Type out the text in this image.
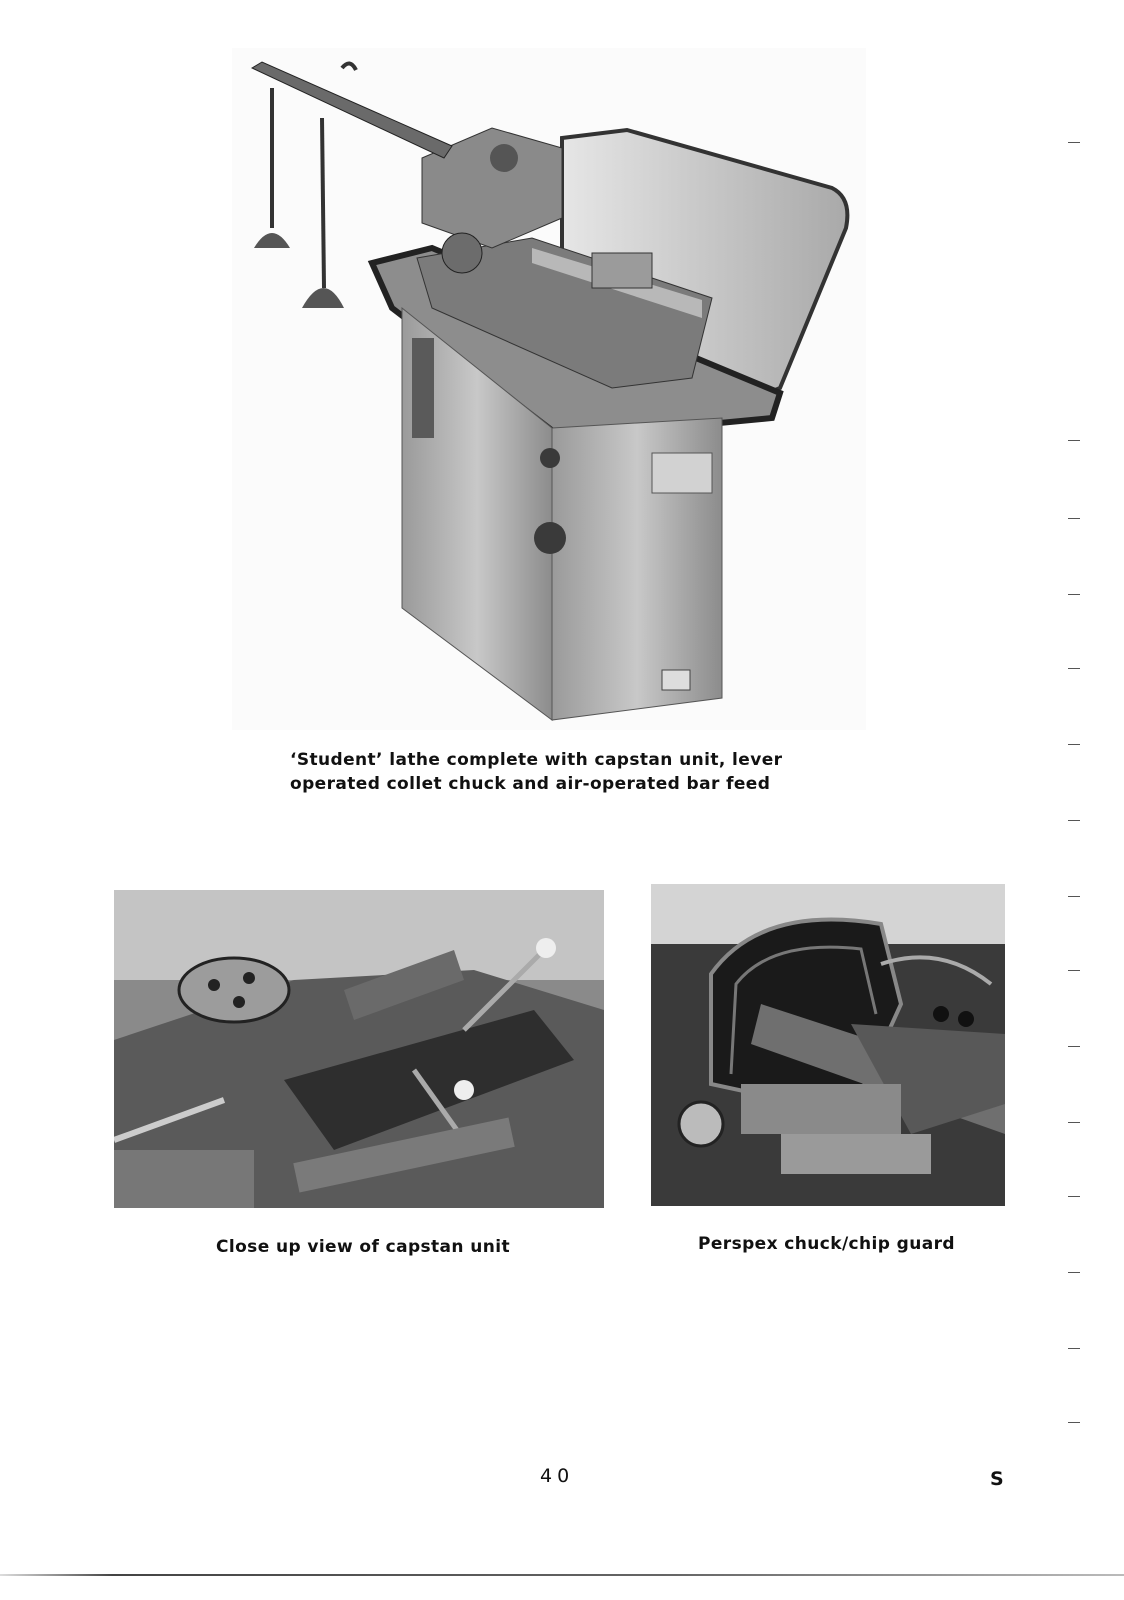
‘Student’ lathe complete with capstan unit, lever
operated collet chuck and air-operated bar feed
Close up view of capstan unit	Perspex chuck/chip guard
40	S
